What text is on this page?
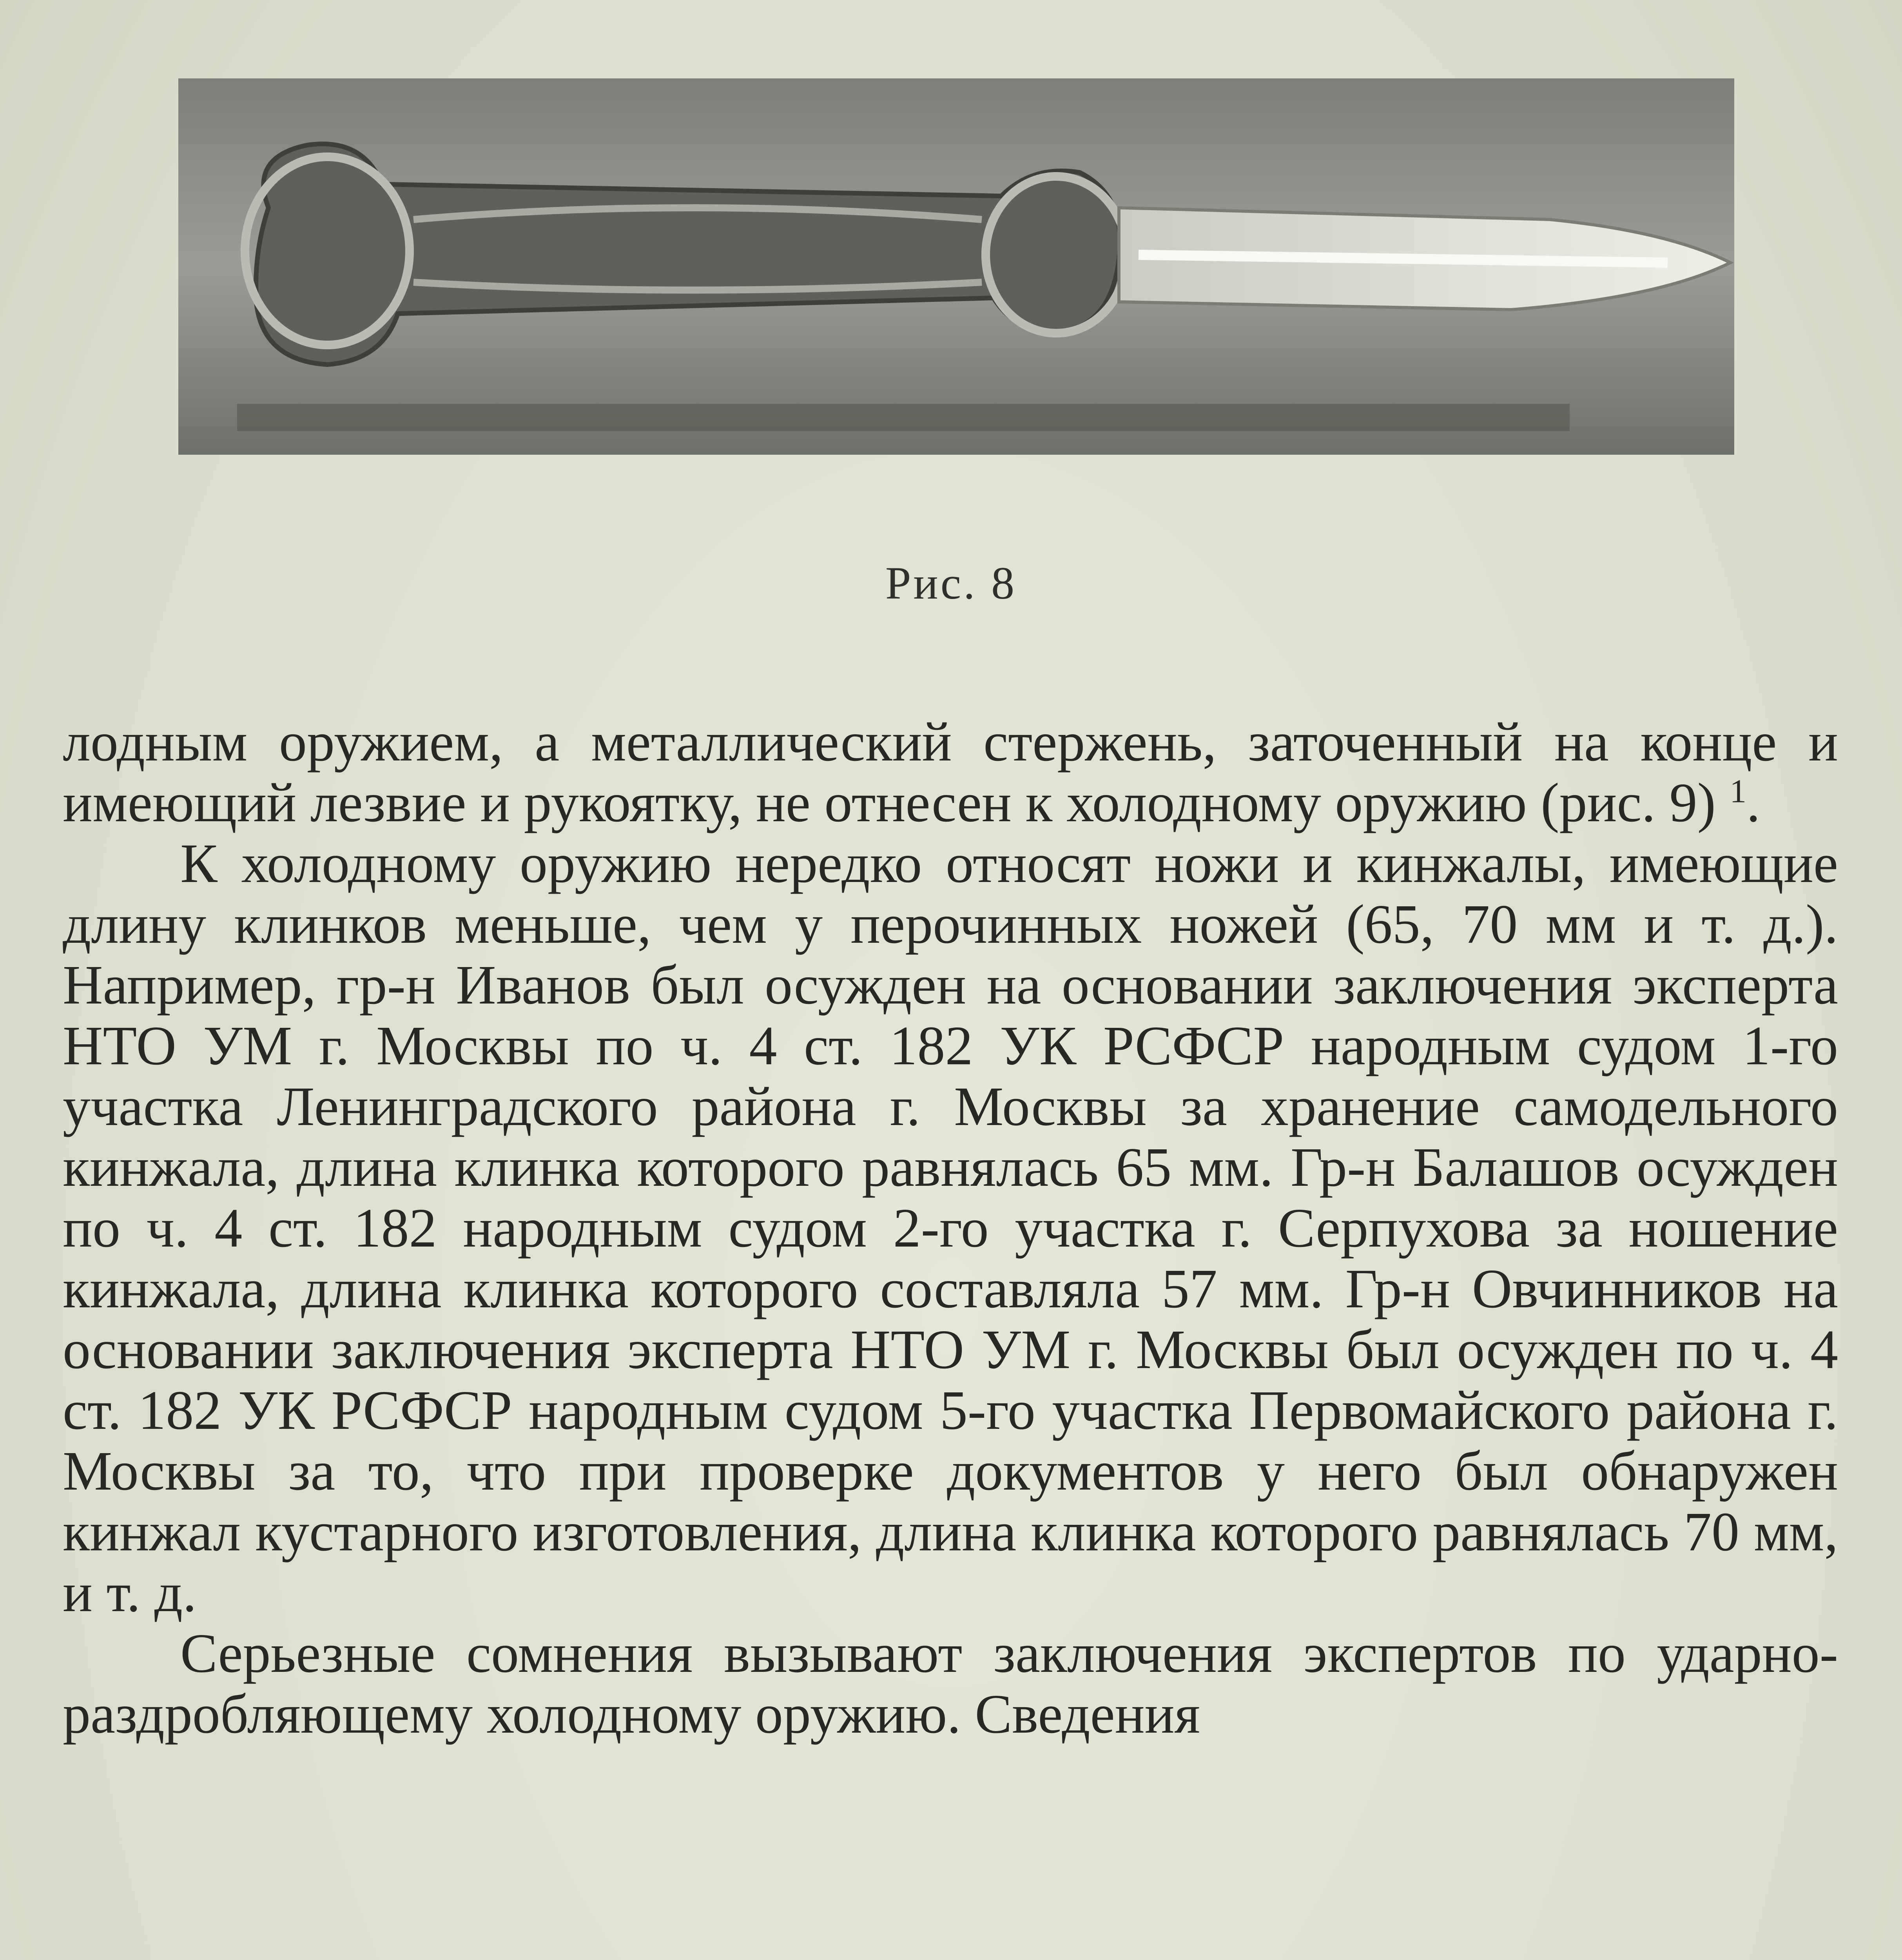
Рис. 8

лодным оружием, а металлический стержень, заточенный на конце и имеющий лезвие и рукоятку, не отнесен к холодному оружию (рис. 9) $^1$.

К холодному оружию нередко относят ножи и кинжалы, имеющие длину клинков меньше, чем у перочинных ножей (65, 70 мм и т. д.). Например, гр-н Иванов был осужден на основании заключения эксперта НТО УМ г. Москвы по ч. 4 ст. 182 УК РСФСР народным судом 1-го участка Ленинградского района г. Москвы за хранение самодельного кинжала, длина клинка которого равнялась 65 мм. Гр-н Балашов осужден по ч. 4 ст. 182 народным судом 2-го участка г. Серпухова за ношение кинжала, длина клинка которого составляла 57 мм. Гр-н Овчинников на основании заключения эксперта НТО УМ г. Москвы был осужден по ч. 4 ст. 182 УК РСФСР народным судом 5-го участка Первомайского района г. Москвы за то, что при проверке документов у него был обнаружен кинжал кустарного изготовления, длина клинка которого равнялась 70 мм, и т. д.

Серьезные сомнения вызывают заключения экспертов по ударно-раздробляющему холодному оружию. Сведения
